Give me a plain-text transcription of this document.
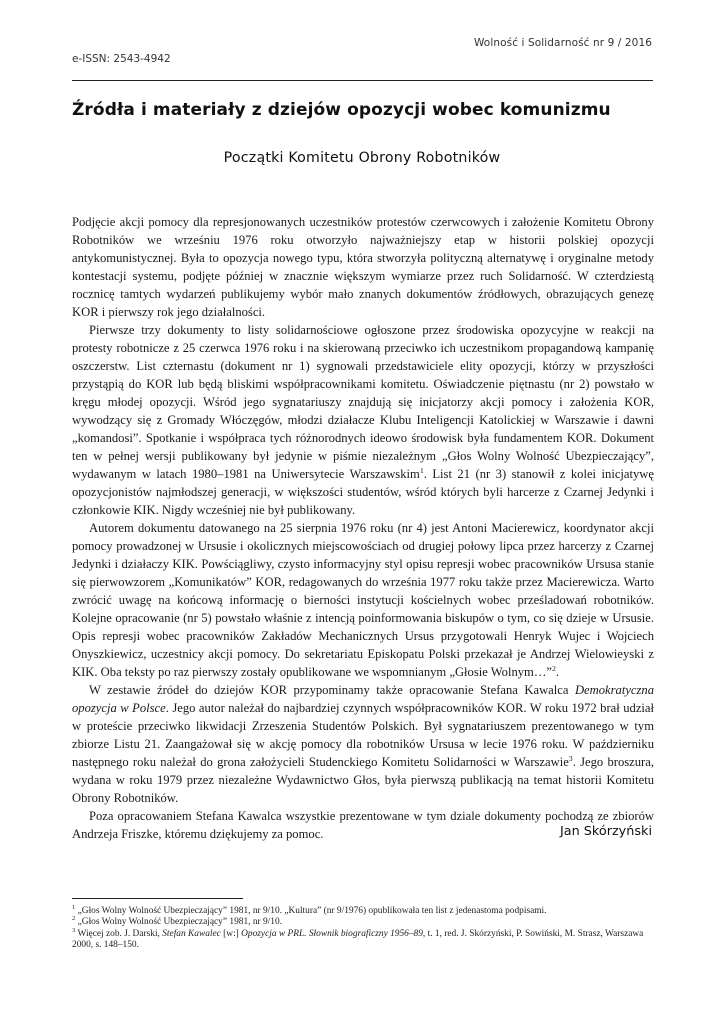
Wolność i Solidarność nr 9 / 2016
e-ISSN: 2543-4942
Źródła i materiały z dziejów opozycji wobec komunizmu
Początki Komitetu Obrony Robotników

Podjęcie akcji pomocy dla represjonowanych uczestników protestów czerwcowych i założenie Komitetu Obrony Robotników we wrześniu 1976 roku otworzyło najważniejszy etap w historii polskiej opozycji antykomunistycznej. Była to opozycja nowego typu, która stworzyła polityczną alternatywę i oryginalne metody kontestacji systemu, podjęte później w znacznie większym wymiarze przez ruch Solidarność. W czterdziestą rocznicę tamtych wydarzeń publikujemy wybór mało znanych dokumentów źródłowych, obrazujących genezę KOR i pierwszy rok jego działalności.

Pierwsze trzy dokumenty to listy solidarnościowe ogłoszone przez środowiska opozycyjne w reakcji na protesty robotnicze z 25 czerwca 1976 roku i na skierowaną przeciwko ich uczestnikom propagandową kampanię oszczerstw. List czternastu (dokument nr 1) sygnowali przedstawiciele elity opozycji, którzy w przyszłości przystąpią do KOR lub będą bliskimi współpracownikami komitetu. Oświadczenie piętnastu (nr 2) powstało w kręgu młodej opozycji. Wśród jego sygnatariuszy znajdują się inicjatorzy akcji pomocy i założenia KOR, wywodzący się z Gromady Włóczęgów, młodzi działacze Klubu Inteligencji Katolickiej w Warszawie i dawni „komandosi”. Spotkanie i współpraca tych różnorodnych ideowo środowisk była fundamentem KOR. Dokument ten w pełnej wersji publikowany był jedynie w piśmie niezależnym „Głos Wolny Wolność Ubezpieczający”, wydawanym w latach 1980–1981 na Uniwersytecie Warszawskim$^1$. List 21 (nr 3) stanowił z kolei inicjatywę opozycjonistów najmłodszej generacji, w większości studentów, wśród których byli harcerze z Czarnej Jedynki i członkowie KIK. Nigdy wcześniej nie był publikowany.

Autorem dokumentu datowanego na 25 sierpnia 1976 roku (nr 4) jest Antoni Macierewicz, koordynator akcji pomocy prowadzonej w Ursusie i okolicznych miejscowościach od drugiej połowy lipca przez harcerzy z Czarnej Jedynki i działaczy KIK. Powściągliwy, czysto informacyjny styl opisu represji wobec pracowników Ursusa stanie się pierwowzorem „Komunikatów” KOR, redagowanych do września 1977 roku także przez Macierewicza. Warto zwrócić uwagę na końcową informację o bierności instytucji kościelnych wobec prześladowań robotników. Kolejne opracowanie (nr 5) powstało właśnie z intencją poinformowania biskupów o tym, co się dzieje w Ursusie. Opis represji wobec pracowników Zakładów Mechanicznych Ursus przygotowali Henryk Wujec i Wojciech Onyszkiewicz, uczestnicy akcji pomocy. Do sekretariatu Episkopatu Polski przekazał je Andrzej Wielowieyski z KIK. Oba teksty po raz pierwszy zostały opublikowane we wspomnianym „Głosie Wolnym…”$^2$.

W zestawie źródeł do dziejów KOR przypominamy także opracowanie Stefana Kawalca Demokratyczna opozycja w Polsce. Jego autor należał do najbardziej czynnych współpracowników KOR. W roku 1972 brał udział w proteście przeciwko likwidacji Zrzeszenia Studentów Polskich. Był sygnatariuszem prezentowanego w tym zbiorze Listu 21. Zaangażował się w akcję pomocy dla robotników Ursusa w lecie 1976 roku. W październiku następnego roku należał do grona założycieli Studenckiego Komitetu Solidarności w Warszawie$^3$. Jego broszura, wydana w roku 1979 przez niezależne Wydawnictwo Głos, była pierwszą publikacją na temat historii Komitetu Obrony Robotników.

Poza opracowaniem Stefana Kawalca wszystkie prezentowane w tym dziale dokumenty pochodzą ze zbiorów Andrzeja Friszke, któremu dziękujemy za pomoc.	Jan Skórzyński
$^1$ „Głos Wolny Wolność Ubezpieczający” 1981, nr 9/10. „Kultura” (nr 9/1976) opublikowała ten list z jedenastoma podpisami.
$^2$ „Głos Wolny Wolność Ubezpieczający” 1981, nr 9/10.
$^3$ Więcej zob. J. Darski, Stefan Kawalec [w:] Opozycja w PRL. Słownik biograficzny 1956–89, t. 1, red. J. Skórzyński, P. Sowiński, M. Strasz, Warszawa 2000, s. 148–150.
